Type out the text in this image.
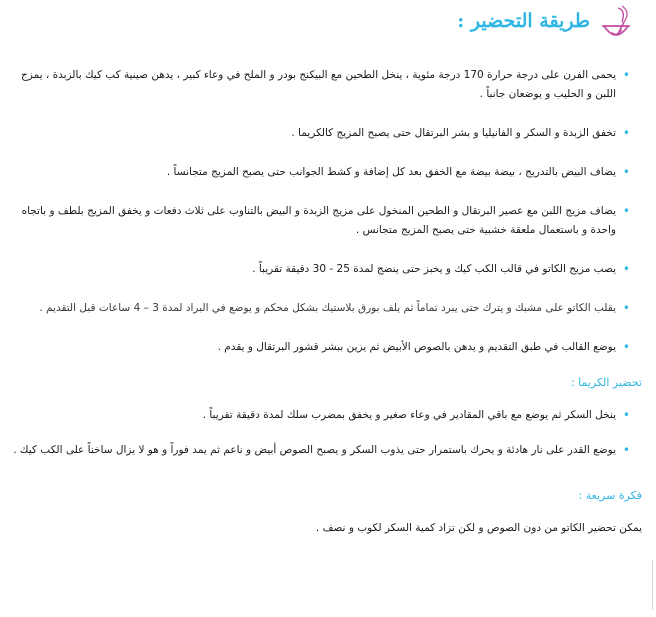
طريقة التحضير :
•
يحمى الفرن على درجة حرارة 170 درجة مئوية ، ينخل الطحين مع البيكنج بودر و الملح في وعاء كبير ، يدهن صينية كب كيك بالزبدة ، يمزج اللبن و الحليب و يوضعان جانباً .
•
تخفق الزبدة و السكر و الفانيليا و بشر البرتقال حتى يصبح المزيج كالكريما .
•
يضاف البيض بالتدريج ، بيضة بيضة مع الخفق بعد كل إضافة و كشط الجوانب حتى يصبح المزيج متجانساً .
•
يضاف مزيج اللبن مع عصير البرتقال و الطحين المنخول على مزيج الزبدة و البيض بالتناوب على ثلاث دفعات و يخفق المزيج بلطف و باتجاه واحدة و باستعمال ملعقة خشبية حتى يصبح المزيج متجانس .
•
يصب مزيج الكاتو في قالب الكب كيك و يخبز حتى ينضج لمدة 25 - 30 دقيقة تقريباً .
•
يقلب الكاتو على مشبك و يترك حتى يبرد تماماً ثم يلف بورق بلاستيك بشكل محكم و يوضع في البراد لمدة 3 – 4 ساعات قبل التقديم .
•
يوضع القالب في طبق التقديم و يدهن بالصوص الأبيض ثم يزين ببشر قشور البرتقال و يقدم .
تحضير الكريما :
•
ينخل السكر ثم يوضع مع باقي المقادير في وعاء صغير و يخفق بمضرب سلك لمدة دقيقة تقريباً .
•
يوضع القدر على نار هادئة و يحرك باستمرار حتى يذوب السكر و يصبح الصوص أبيض و ناعم ثم يمد فوراً و هو لا يزال ساخناً على الكب كيك .
فكرة سريعة :
يمكن تحضير الكاتو من دون الصوص و لكن تزاد كمية السكر لكوب و نصف .
